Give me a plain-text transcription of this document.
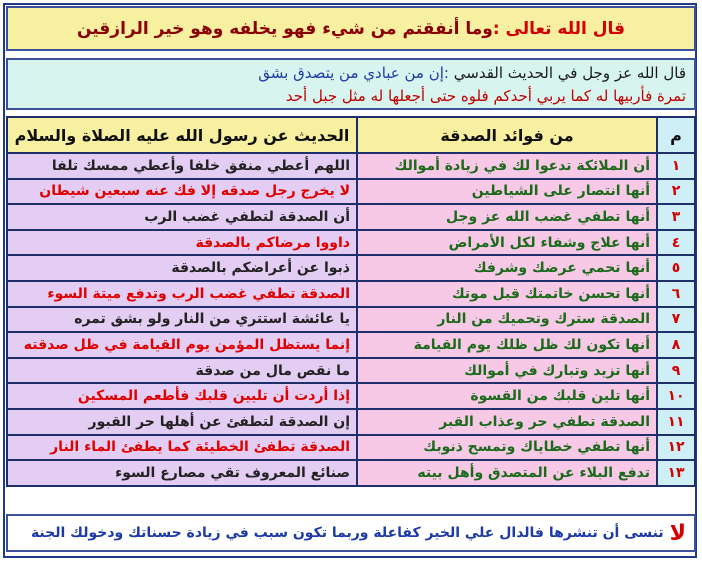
قال الله تعالى :
وما أنفقتم من شيء فهو يخلفه وهو خير الرازقين
قال الله عز وجل في الحديث القدسي :إن من عبادي من يتصدق بشق
تمرة فأربيها له كما يربي أحدكم فلوه حتى أجعلها له مثل جبل أحد
م	من فوائد الصدقة	الحديث عن رسول الله عليه الصلاة والسلام
١	أن الملائكة تدعوا لك في زيادة أموالك	اللهم أعطي منفق خلفا وأعطي ممسك تلفا
٢	أنها انتصار على الشياطين	لا يخرج رجل صدقه إلا فك عنه سبعين شيطان
٣	أنها تطفي غضب الله عز وجل	أن الصدقة لتطفي غضب الرب
٤	أنها علاج وشفاء لكل الأمراض	داووا مرضاكم بالصدقة
٥	أنها تحمي عرضك وشرفك	ذبوا عن أعراضكم بالصدقة
٦	أنها تحسن خاتمتك قبل موتك	الصدقة تطفي غضب الرب وتدفع ميتة السوء
٧	الصدقة سترك وتحميك من النار	يا عائشة استتري من النار ولو بشق تمره
٨	أنها تكون لك ظل ظلك يوم القيامة	إنما يستظل المؤمن يوم القيامة في ظل صدقته
٩	أنها تزيد وتبارك في أموالك	ما نقص مال من صدقة
١٠	أنها تلين قلبك من القسوة	إذا أردت أن تليين قلبك فأطعم المسكين
١١	الصدقة تطفي حر وعذاب القبر	إن الصدقة لتطفئ عن أهلها حر القبور
١٢	أنها تطفي خطاياك وتمسح ذنوبك	الصدقة تطفئ الخطيئة كما يطفئ الماء النار
١٣	تدفع البلاء عن المتصدق وأهل بيته	صنائع المعروف تقي مصارع السوء
لا
تنسى أن تنشرها فالدال علي الخير كفاعلة وربما تكون سبب في زيادة حسناتك ودخولك الجنة
